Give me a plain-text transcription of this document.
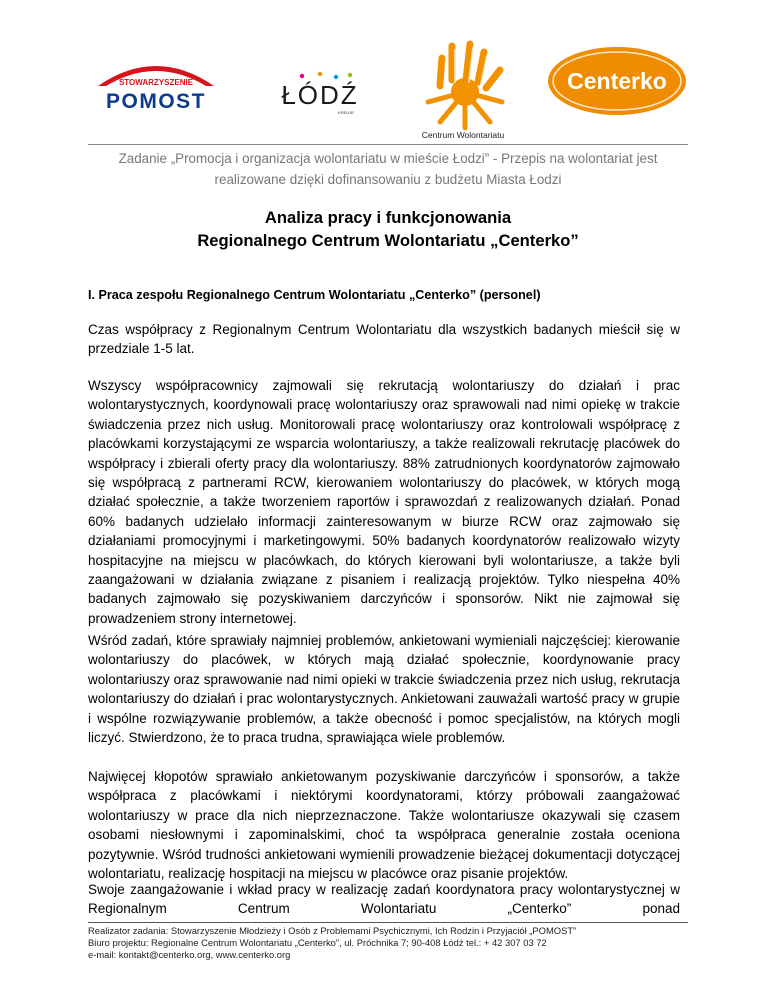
STOWARZYSZENIE
POMOST	ŁÓDŹ
KREUJE
Centrum Wolontariatu
Centerko
Zadanie „Promocja i organizacja wolontariatu w mieście Łodzi” - Przepis na wolontariat jest
realizowane dzięki dofinansowaniu z budżetu Miasta Łodzi
Analiza pracy i funkcjonowania
Regionalnego Centrum Wolontariatu „Centerko”
I. Praca zespołu Regionalnego Centrum Wolontariatu „Centerko” (personel)

Czas współpracy z Regionalnym Centrum Wolontariatu dla wszystkich badanych mieścił się w przedziale 1-5 lat.

Wszyscy współpracownicy zajmowali się rekrutacją wolontariuszy do działań i prac wolontarystycznych, koordynowali pracę wolontariuszy oraz sprawowali nad nimi opiekę w trakcie świadczenia przez nich usług. Monitorowali pracę wolontariuszy oraz kontrolowali współpracę z placówkami korzystającymi ze wsparcia wolontariuszy, a także realizowali rekrutację placówek do współpracy i zbierali oferty pracy dla wolontariuszy. 88% zatrudnionych koordynatorów zajmowało się współpracą z partnerami RCW, kierowaniem wolontariuszy do placówek, w których mogą działać społecznie, a także tworzeniem raportów i sprawozdań z realizowanych działań. Ponad 60% badanych udzielało informacji zainteresowanym w biurze RCW oraz zajmowało się działaniami promocyjnymi i marketingowymi. 50% badanych koordynatorów realizowało wizyty hospitacyjne na miejscu w placówkach, do których kierowani byli wolontariusze, a także byli zaangażowani w działania związane z pisaniem i realizacją projektów. Tylko niespełna 40% badanych zajmowało się pozyskiwaniem darczyńców i sponsorów. Nikt nie zajmował się prowadzeniem strony internetowej.

Wśród zadań, które sprawiały najmniej problemów, ankietowani wymieniali najczęściej: kierowanie wolontariuszy do placówek, w których mają działać społecznie, koordynowanie pracy wolontariuszy oraz sprawowanie nad nimi opieki w trakcie świadczenia przez nich usług, rekrutacja wolontariuszy do działań i prac wolontarystycznych. Ankietowani zauważali wartość pracy w grupie i wspólne rozwiązywanie problemów, a także obecność i pomoc specjalistów, na których mogli liczyć. Stwierdzono, że to praca trudna, sprawiająca wiele problemów.

Najwięcej kłopotów sprawiało ankietowanym pozyskiwanie darczyńców i sponsorów, a także współpraca z placówkami i niektórymi koordynatorami, którzy próbowali zaangażować wolontariuszy w prace dla nich nieprzeznaczone. Także wolontariusze okazywali się czasem osobami niesłownymi i zapominalskimi, choć ta współpraca generalnie została oceniona pozytywnie. Wśród trudności ankietowani wymienili prowadzenie bieżącej dokumentacji dotyczącej wolontariatu, realizację hospitacji na miejscu w placówce oraz pisanie projektów.

Swoje zaangażowanie i wkład pracy w realizację zadań koordynatora pracy wolontarystycznej w Regionalnym Centrum Wolontariatu „Centerko” ponad

Realizator zadania: Stowarzyszenie Młodzieży i Osób z Problemami Psychicznymi, Ich Rodzin i Przyjaciół „POMOST”
Biuro projektu: Regionalne Centrum Wolontariatu „Centerko”, ul. Próchnika 7; 90-408 Łódź tel.: + 42 307 03 72
e-mail: kontakt@centerko.org, www.centerko.org
